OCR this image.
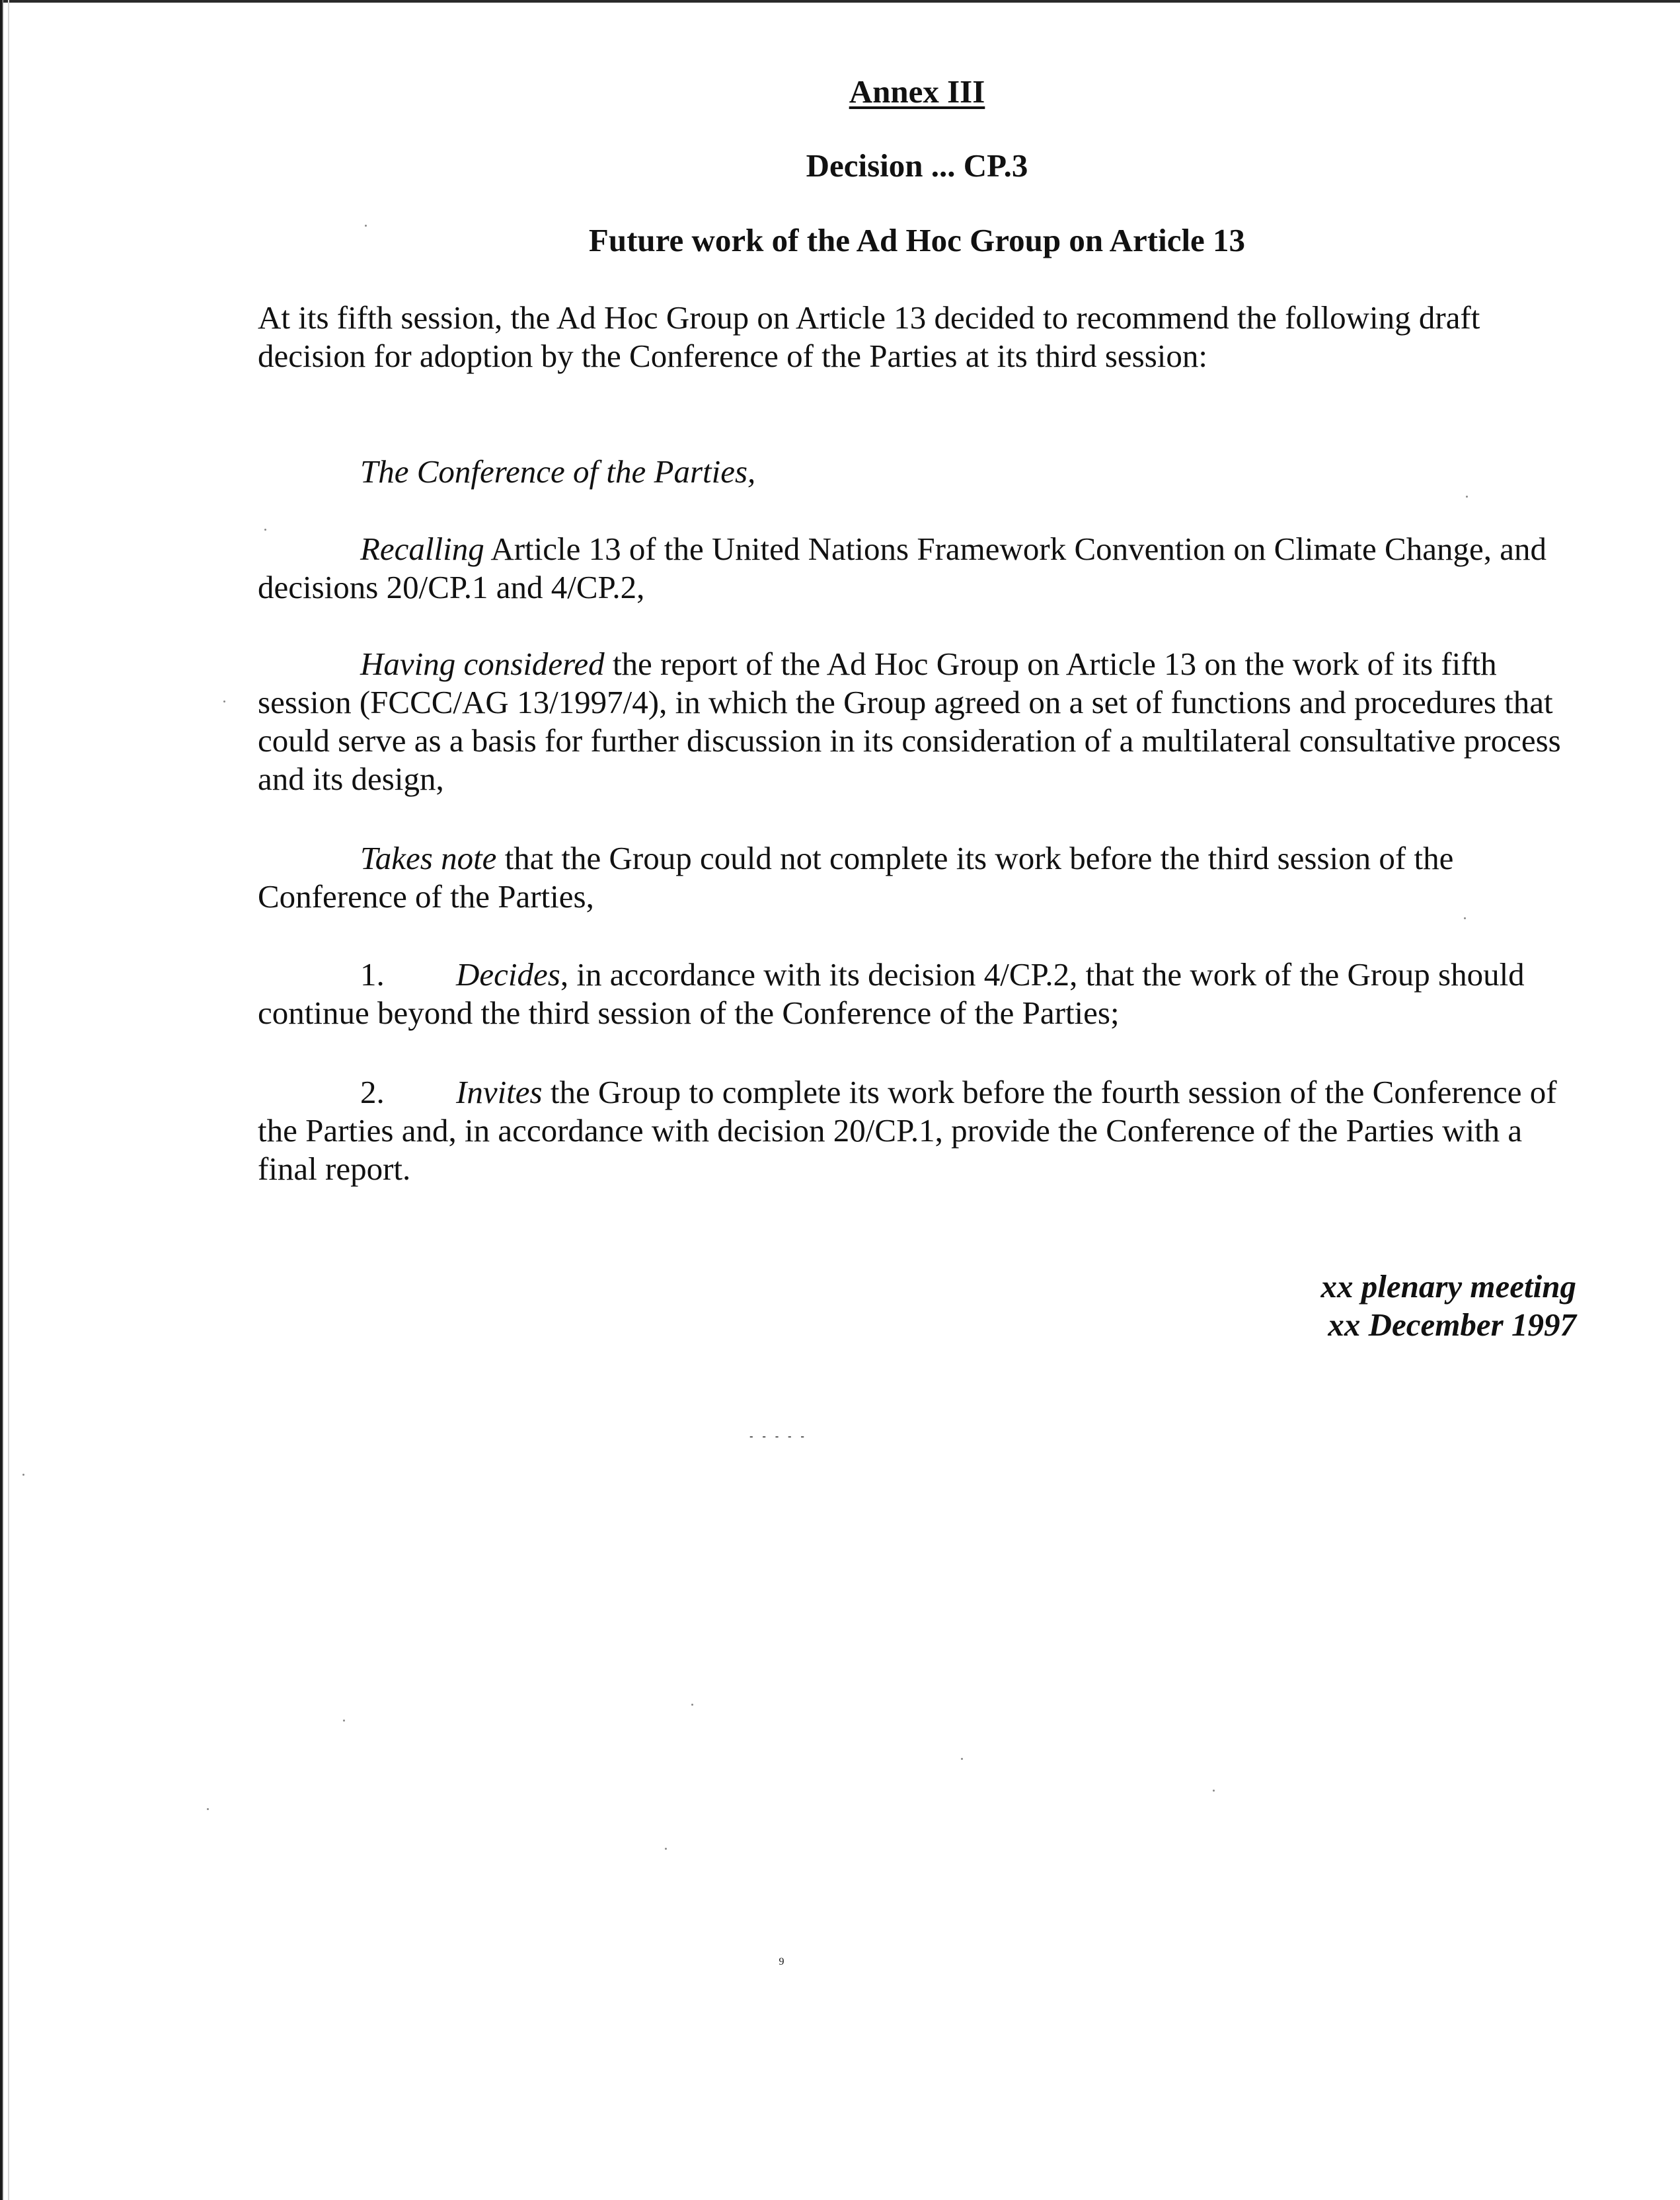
Annex III
Decision ... CP.3
Future work of the Ad Hoc Group on Article 13

At its fifth session, the Ad Hoc Group on Article 13 decided to recommend the following draft decision for adoption by the Conference of the Parties at its third session:

The Conference of the Parties,

Recalling Article 13 of the United Nations Framework Convention on Climate Change, and decisions 20/CP.1 and 4/CP.2,

Having considered the report of the Ad Hoc Group on Article 13 on the work of its fifth session (FCCC/AG 13/1997/4), in which the Group agreed on a set of functions and procedures that could serve as a basis for further discussion in its consideration of a multilateral consultative process and its design,

Takes note that the Group could not complete its work before the third session of the Conference of the Parties,

1. Decides, in accordance with its decision 4/CP.2, that the work of the Group should continue beyond the third session of the Conference of the Parties;

2. Invites the Group to complete its work before the fourth session of the Conference of the Parties and, in accordance with decision 20/CP.1, provide the Conference of the Parties with a final report.

xx plenary meeting
xx December 1997
-----
9
